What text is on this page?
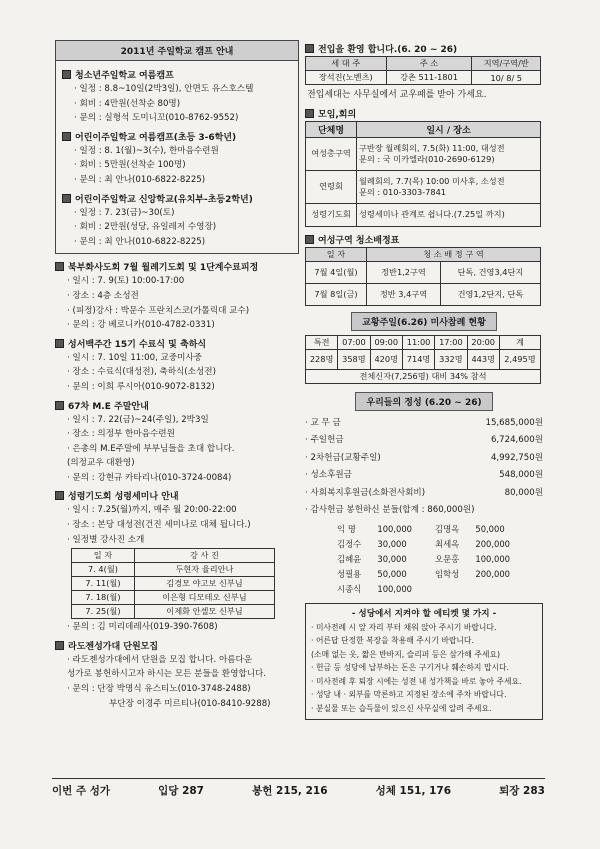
2011년 주일학교 캠프 안내
청소년주일학교 여름캠프
· 일정 : 8.8~10일(2박3일), 안면도 유스호스텔
· 회비 : 4만원(선착순 80명)
· 문의 : 실형석 도미니꼬(010-8762-9552)
어린이주일학교 여름캠프(초등 3-6학년)
· 일정 : 8. 1(월)~3(수), 한마음수련원
· 회비 : 5만원(선착순 100명)
· 문의 : 최 안나(010-6822-8225)
어린이주일학교 신앙학교(유치부-초등2학년)
· 일정 : 7. 23(금)~30(토)
· 회비 : 2만원(성당, 유일레저 수영장)
· 문의 : 최 안나(010-6822-8225)
북부화사도회 7월 월례기도회 및 1단계수료피정
· 일시 : 7. 9(토) 10:00-17:00
· 장소 : 4층 소성전
· (피정)강사 : 박문수 프란치스코(가톨릭대 교수)
· 문의 : 강 베로니카(010-4782-0331)
성서백주간 15기 수료식 및 축하식
· 일시 : 7. 10일 11:00, 교중미사중
· 장소 : 수료식(대성전), 축하식(소성전)
· 문의 : 이희 루시아(010-9072-8132)
67차 M.E 주말안내
· 일시 : 7. 22(금)~24(주일), 2박3일
· 장소 : 의정부 한마음수련원
· 은총의 M.E주말에 부부님들을 초대 합니다.
(의정교우 대환영)
· 문의 : 강현규 카타리나(010-3724-0084)
성령기도회 성령세미나 안내
· 일시 : 7.25(월)까지, 매주 월 20:00-22:00
· 장소 : 본당 대성전(건진 세미나로 대체 됩니다.)
· 일정별 강사진 소개
일 자	강 사 진
7. 4(월)	두현자 율리안나
7. 11(월)	김경모 야고보 신부님
7. 18(월)	이은형 디모테오 신부님
7. 25(월)	이제화 안셀모 신부님
· 문의 : 김 미리데레사(019-390-7608)
라도젠성가대 단원모집
· 라도젠성가대에서 단원을 모집 합니다. 아름다운
성가로 봉헌하시고자 하시는 모든 분들을 환영합니다.
· 문의 : 단장 박명식 유스티노(010-3748-2488)
부단장 이경주 미르티나(010-8410-9288)
전입을 환영 합니다.(6. 20 ~ 26)
세 대 주	주 소	지역/구역/반
장석진(노벤츠)	강촌 511-1801	10/ 8/ 5
전입세대는 사무실에서 교우패를 받아 가세요.
모임,회의
단체명	일시 / 장소
여성총구역	구반장 월례회의, 7.5(화) 11:00, 대성전
문의 : 국 미카엘라(010-2690-6129)

연령회	월례회의, 7.7(목) 10:00 미사후, 소성전
문의 : 010-3303-7841

성령기도회	성령세미나 관계로 쉽니다.(7.25일 까지)
여성구역 청소배정표
일 자	청 소 배 정 구 역	
7월 4일(월)	정반1,2구역	단독, 건영3,4단지
7월 8일(금)	정반 3,4구역	건영1,2단지, 단독
교황주일(6.26) 미사참례 현황
특전	07:00	09:00	11:00	17:00	20:00	계
228명	358명	420명	714명	332명	443명	2,495명
전체신자(7,256명) 대비 34% 참석						
우리들의 정성 (6.20 ~ 26)
· 교 무 금	15,685,000원
· 주일헌금	6,724,600원
· 2차헌금(교황주일)	4,992,750원
· 성소후원금	548,000원
· 사회복지후원금(소화전사회비)	80,000원
· 감사헌금 봉헌하신 분들(합계 : 860,000원)
익 명	100,000	김명옥	50,000
김정수	30,000	최세옥	200,000
김혜윤	30,000	오문홍	100,000
성필용	50,000	임학성	200,000
시종식	100,000		
- 성당에서 지켜야 할 에티켓 몇 가지 -
· 미사전례 시 앞 자리 부터 채워 앉아 주시기 바랍니다.
· 어른답 단정한 복장을 착용해 주시기 바랍니다.
(소매 없는 옷, 짧은 반바지, 슬리퍼 등은 삼가해 주세요)
· 헌금 등 성당에 납부하는 돈은 구기거나 훼손하지 맙시다.
· 미사전례 후 퇴장 시에는 성전 내 성가책을 바로 놓아 주세요.
· 성당 내 · 외부를 막론하고 지정된 장소에 주차 바랍니다.
· 분실물 또는 습득물이 있으신 사무실에 알려 주세요.
이번 주 성가	입당 287	봉헌 215, 216	성체 151, 176	퇴장 283
